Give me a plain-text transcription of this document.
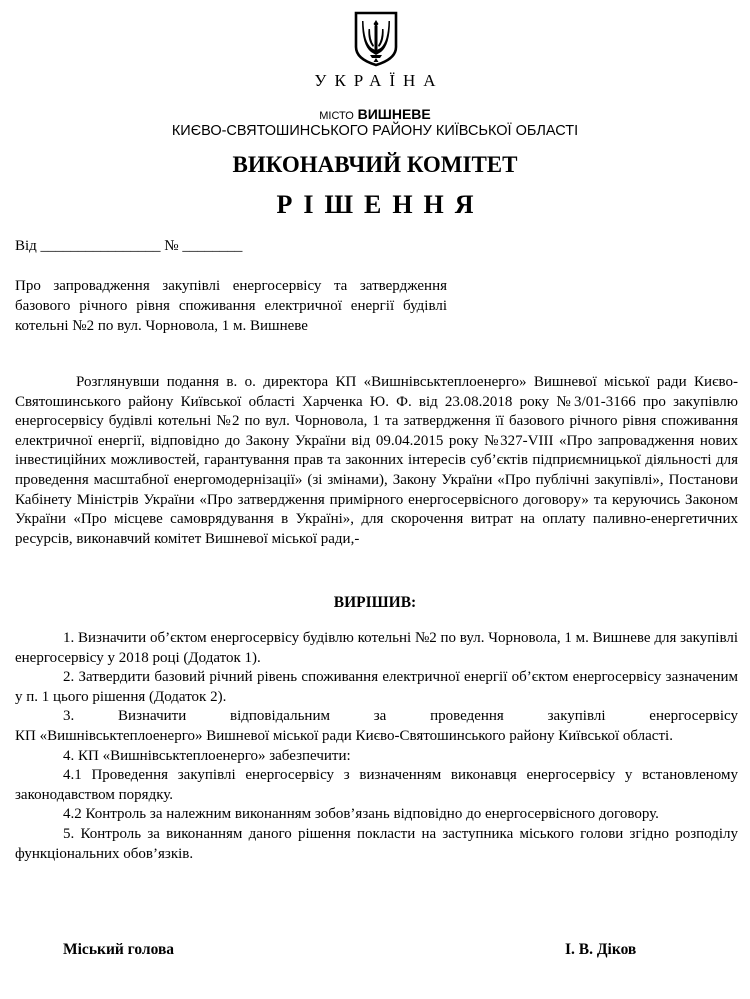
УКРАЇНА
МІСТО ВИШНЕВЕ
КИЄВО-СВЯТОШИНСЬКОГО РАЙОНУ КИЇВСЬКОЇ ОБЛАСТІ
ВИКОНАВЧИЙ КОМІТЕТ
РІШЕННЯ
Від ________________ № ________
Про запровадження закупівлі енергосервісу та затвердження базового річного рівня споживання електричної енергії будівлі котельні №2 по вул. Чорновола, 1 м. Вишневе
Розглянувши подання в. о. директора КП «Вишнівськтеплоенерго» Вишневої міської ради Києво-Святошинського району Київської області Харченка Ю. Ф. від 23.08.2018 року №3/01-3166 про закупівлю енергосервісу будівлі котельні №2 по вул. Чорновола, 1 та затвердження її базового річного рівня споживання електричної енергії, відповідно до Закону України від 09.04.2015 року №327-VIII «Про запровадження нових інвестиційних можливостей, гарантування прав та законних інтересів суб’єктів підприємницької діяльності для проведення масштабної енергомодернізації» (зі змінами), Закону України «Про публічні закупівлі», Постанови Кабінету Міністрів України «Про затвердження примірного енергосервісного договору» та керуючись Законом України «Про місцеве самоврядування в Україні», для скорочення витрат на оплату паливно-енергетичних ресурсів, виконавчий комітет Вишневої міської ради,-
ВИРІШИВ:

1. Визначити об’єктом енергосервісу будівлю котельні №2 по вул. Чорновола, 1 м. Вишневе для закупівлі енергосервісу у 2018 році (Додаток 1).

2. Затвердити базовий річний рівень споживання електричної енергії об’єктом енергосервісу зазначеним у п. 1 цього рішення (Додаток 2).

3. Визначити відповідальним за проведення закупівлі енергосервісу

КП «Вишнівськтеплоенерго» Вишневої міської ради Києво-Святошинського району Київської області.

4. КП «Вишнівськтеплоенерго» забезпечити:

4.1 Проведення закупівлі енергосервісу з визначенням виконавця енергосервісу у встановленому законодавством порядку.

4.2 Контроль за належним виконанням зобов’язань відповідно до енергосервісного договору.

5. Контроль за виконанням даного рішення покласти на заступника міського голови згідно розподілу функціональних обов’язків.

Міський голова	І. В. Діков
